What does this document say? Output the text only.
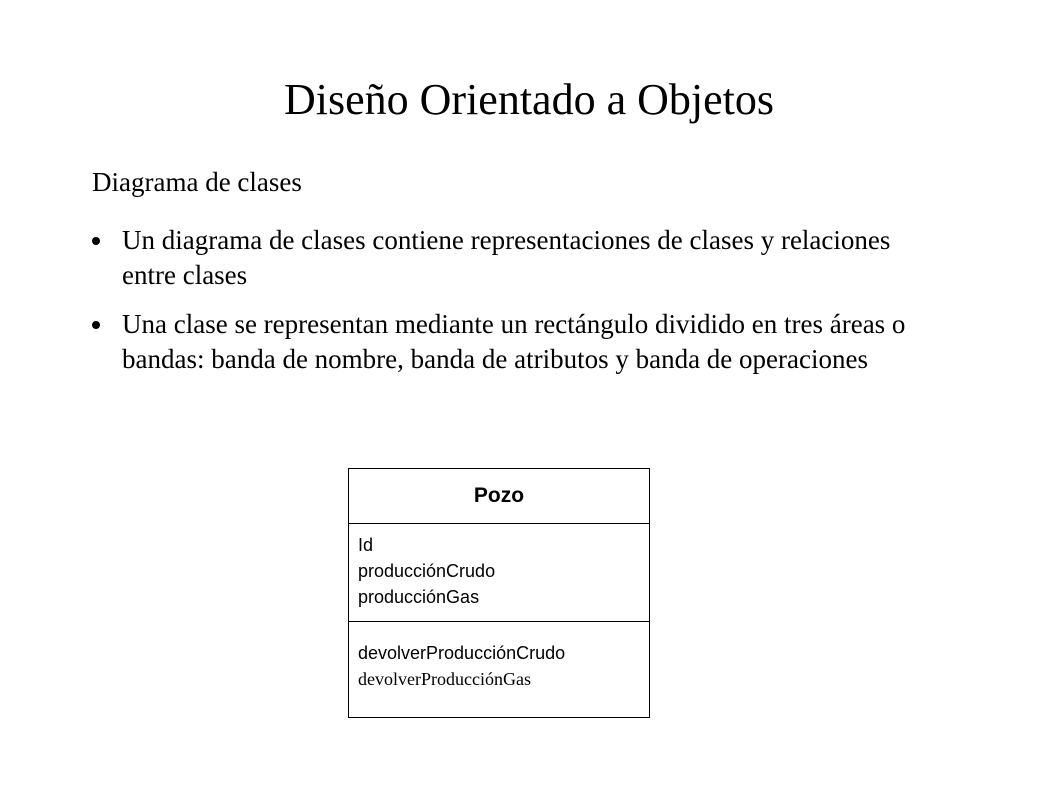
Diseño Orientado a Objetos
Diagrama de clases
Un diagrama de clases contiene representaciones de clases y relaciones entre clases
Una clase se representan mediante un rectángulo dividido en tres áreas o bandas: banda de nombre, banda de atributos y banda de operaciones
Pozo
Id
producciónCrudo
producciónGas
devolverProducciónCrudo
devolverProducciónGas
